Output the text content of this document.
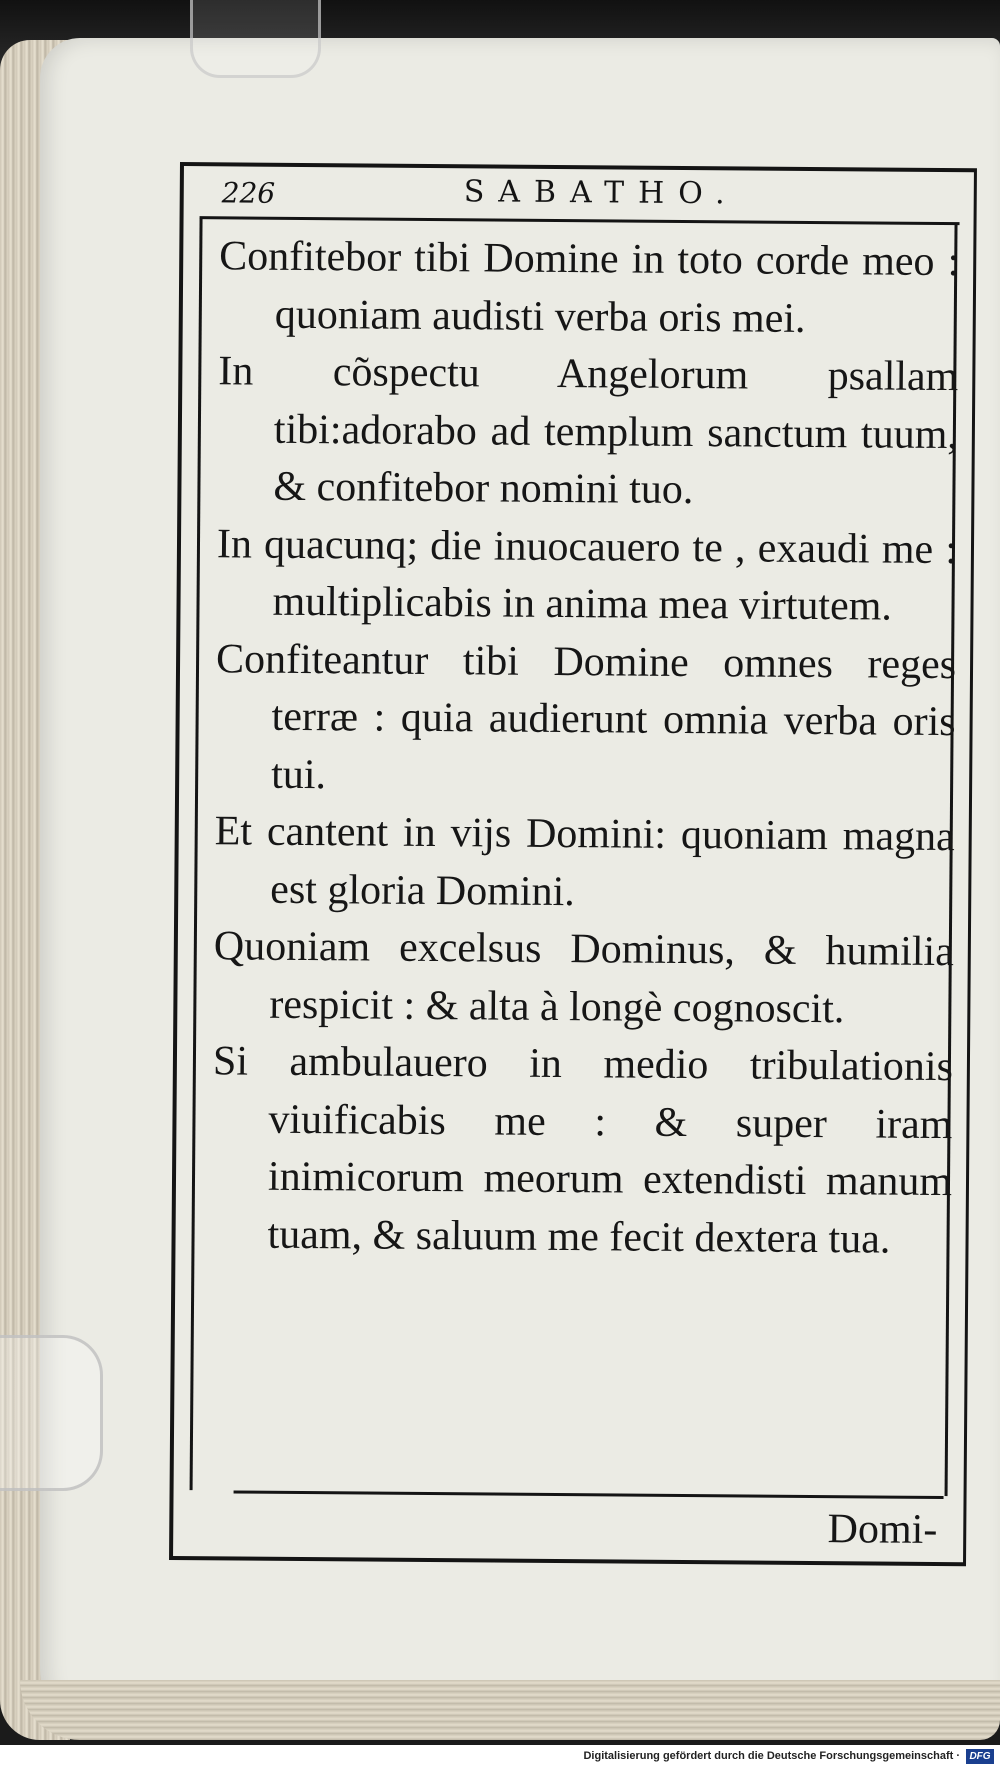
226	SABATHO.

Confitebor tibi Domine in toto corde meo : quoniam audisti verba oris mei.

In cõspectu Angelorum psallam tibi:adorabo ad templum sanctum tuum, & confitebor nomini tuo.

In quacunq; die inuocauero te , exaudi me : multiplicabis in anima mea virtutem.

Confiteantur tibi Domine omnes reges terræ : quia audierunt omnia verba oris tui.

Et cantent in vijs Domini: quoniam magna est gloria Domini.

Quoniam excelsus Dominus, & humilia respicit : & alta à longè cognoscit.

Si ambulauero in medio tribulationis viuificabis me : & super iram inimicorum meorum extendisti manum tuam, & saluum me fecit dextera tua.

Domi-
Digitalisierung gefördert durch die Deutsche Forschungsgemeinschaft · DFG
